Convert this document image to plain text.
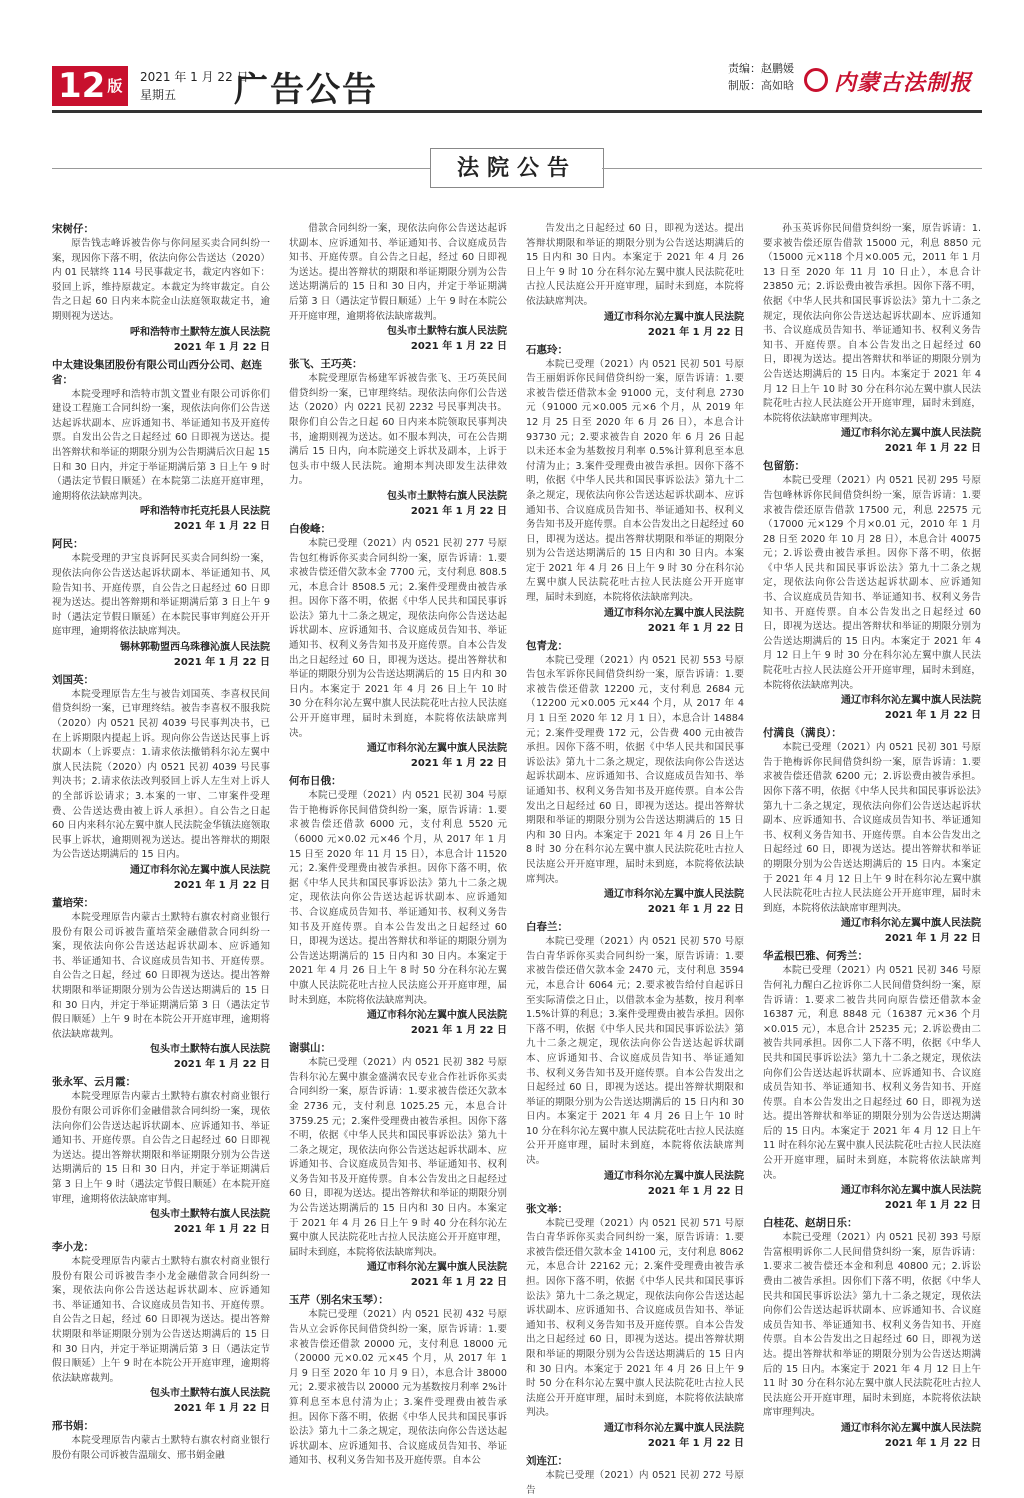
12 $^版$	2021 年 1 月 22 日
星期五	广告公告
责编：赵鹏媛
制版：高如晗	内蒙古法制报
法院公告
宋树仔：
原告钱志峰诉被告你与你问屋买卖合同纠纷一案，现因你下落不明，依法向你公告送达（2020）内 01 民辖终 114 号民事裁定书，裁定内容如下：驳回上诉，维持原裁定。本裁定为终审裁定。自公告之日起 60 日内来本院金山法庭领取裁定书，逾期则视为送达。
呼和浩特市土默特左旗人民法院
2021 年 1 月 22 日
中太建设集团股份有限公司山西分公司、赵连省：
本院受理呼和浩特市凯文置业有限公司诉你们建设工程施工合同纠纷一案，现依法向你们公告送达起诉状副本、应诉通知书、举证通知书及开庭传票。自发出公告之日起经过 60 日即视为送达。提出答辩状和举证的期限分别为公告期满后次日起 15 日和 30 日内，并定于举证期满后第 3 日上午 9 时（遇法定节假日顺延）在本院第二法庭开庭审理，逾期将依法缺席判决。
呼和浩特市托克托县人民法院
2021 年 1 月 22 日
阿民：
本院受理的尹宝良诉阿民买卖合同纠纷一案，现依法向你公告送达起诉状副本、举证通知书、风险告知书、开庭传票，自公告之日起经过 60 日即视为送达。提出答辩期和举证期满后第 3 日上午 9 时（遇法定节假日顺延）在本院民事审判庭公开开庭审理，逾期将依法缺席判决。
锡林郭勒盟西乌珠穆沁旗人民法院
2021 年 1 月 22 日
刘国英：
本院受理原告左生与被告刘国英、李喜权民间借贷纠纷一案，已审理终结。被告李喜权不服我院（2020）内 0521 民初 4039 号民事判决书，已在上诉期限内提起上诉。现向你公告送达民事上诉状副本（上诉要点：1.请求依法撤销科尔沁左翼中旗人民法院（2020）内 0521 民初 4039 号民事判决书；2.请求依法改判驳回上诉人左生对上诉人的全部诉讼请求；3.本案的一审、二审案件受理费、公告送达费由被上诉人承担）。自公告之日起 60 日内来科尔沁左翼中旗人民法院金华镇法庭领取民事上诉状，逾期则视为送达。提出答辩状的期限为公告送达期满后的 15 日内。
通辽市科尔沁左翼中旗人民法院
2021 年 1 月 22 日
董培荣：
本院受理原告内蒙古土默特右旗农村商业银行股份有限公司诉被告董培荣金融借款合同纠纷一案，现依法向你公告送达起诉状副本、应诉通知书、举证通知书、合议庭成员告知书、开庭传票。自公告之日起，经过 60 日即视为送达。提出答辩状期限和举证期限分别为公告送达期满后的 15 日和 30 日内，并定于举证期满后第 3 日（遇法定节假日顺延）上午 9 时在本院公开开庭审理，逾期将依法缺席裁判。
包头市土默特右旗人民法院
2021 年 1 月 22 日
张永军、云月霞：
本院受理原告内蒙古土默特右旗农村商业银行股份有限公司诉你们金融借款合同纠纷一案，现依法向你们公告送达起诉状副本、应诉通知书、举证通知书、开庭传票。自公告之日起经过 60 日即视为送达。提出答辩状期限和举证期限分别为公告送达期满后的 15 日和 30 日内，并定于举证期满后第 3 日上午 9 时（遇法定节假日顺延）在本院开庭审理，逾期将依法缺席审判。
包头市土默特右旗人民法院
2021 年 1 月 22 日
李小龙：
本院受理原告内蒙古土默特右旗农村商业银行股份有限公司诉被告李小龙金融借款合同纠纷一案，现依法向你公告送达起诉状副本、应诉通知书、举证通知书、合议庭成员告知书、开庭传票。自公告之日起，经过 60 日即视为送达。提出答辩状期限和举证期限分别为公告送达期满后的 15 日和 30 日内，并定于举证期满后第 3 日（遇法定节假日顺延）上午 9 时在本院公开开庭审理，逾期将依法缺席裁判。
包头市土默特右旗人民法院
2021 年 1 月 22 日
邢书娟：
本院受理原告内蒙古土默特右旗农村商业银行股份有限公司诉被告温瑞女、邢书娟金融
借款合同纠纷一案，现依法向你公告送达起诉状副本、应诉通知书、举证通知书、合议庭成员告知书、开庭传票。自公告之日起，经过 60 日即视为送达。提出答辩状的期限和举证期限分别为公告送达期满后的 15 日和 30 日内，并定于举证期满后第 3 日（遇法定节假日顺延）上午 9 时在本院公开开庭审理，逾期将依法缺席裁判。
包头市土默特右旗人民法院
2021 年 1 月 22 日
张飞、王巧英：
本院受理原告杨建军诉被告张飞、王巧英民间借贷纠纷一案，已审理终结。现依法向你们公告送达（2020）内 0221 民初 2232 号民事判决书。限你们自公告之日起 60 日内来本院领取民事判决书，逾期则视为送达。如不服本判决，可在公告期满后 15 日内，向本院递交上诉状及副本，上诉于包头市中级人民法院。逾期本判决即发生法律效力。
包头市土默特右旗人民法院
2021 年 1 月 22 日
白俊峰：
本院已受理（2021）内 0521 民初 277 号原告包红梅诉你买卖合同纠纷一案，原告诉请：1.要求被告偿还借欠款本金 7700 元，支付利息 808.5 元，本息合计 8508.5 元；2.案件受理费由被告承担。因你下落不明，依据《中华人民共和国民事诉讼法》第九十二条之规定，现依法向你公告送达起诉状副本、应诉通知书、合议庭成员告知书、举证通知书、权利义务告知书及开庭传票。自本公告发出之日起经过 60 日，即视为送达。提出答辩状和举证的期限分别为公告送达期满后的 15 日内和 30 日内。本案定于 2021 年 4 月 26 日上午 10 时 30 分在科尔沁左翼中旗人民法院花吐古拉人民法庭公开开庭审理，届时未到庭，本院将依法缺席判决。
通辽市科尔沁左翼中旗人民法院
2021 年 1 月 22 日
何布日俄：
本院已受理（2021）内 0521 民初 304 号原告于艳梅诉你民间借贷纠纷一案，原告诉请：1.要求被告偿还借款 6000 元，支付利息 5520 元（6000 元×0.02 元×46 个月，从 2017 年 1 月 15 日至 2020 年 11 月 15 日），本息合计 11520 元；2.案件受理费由被告承担。因你下落不明，依据《中华人民共和国民事诉讼法》第九十二条之规定，现依法向你公告送达起诉状副本、应诉通知书、合议庭成员告知书、举证通知书、权利义务告知书及开庭传票。自本公告发出之日起经过 60 日，即视为送达。提出答辩状和举证的期限分别为公告送达期满后的 15 日内和 30 日内。本案定于 2021 年 4 月 26 日上午 8 时 50 分在科尔沁左翼中旗人民法院花吐古拉人民法庭公开开庭审理，届时未到庭，本院将依法缺席判决。
通辽市科尔沁左翼中旗人民法院
2021 年 1 月 22 日
谢骐山：
本院已受理（2021）内 0521 民初 382 号原告科尔沁左翼中旗金盛满农民专业合作社诉你买卖合同纠纷一案，原告诉请：1.要求被告偿还欠款本金 2736 元，支付利息 1025.25 元，本息合计 3759.25 元；2.案件受理费由被告承担。因你下落不明，依据《中华人民共和国民事诉讼法》第九十二条之规定，现依法向你公告送达起诉状副本、应诉通知书、合议庭成员告知书、举证通知书、权利义务告知书及开庭传票。自本公告发出之日起经过 60 日，即视为送达。提出答辩状和举证的期限分别为公告送达期满后的 15 日内和 30 日内。本案定于 2021 年 4 月 26 日上午 9 时 40 分在科尔沁左翼中旗人民法院花吐古拉人民法庭公开开庭审理，届时未到庭，本院将依法缺席判决。
通辽市科尔沁左翼中旗人民法院
2021 年 1 月 22 日
玉芹（别名宋玉琴）：
本院已受理（2021）内 0521 民初 432 号原告从立会诉你民间借贷纠纷一案，原告诉请：1.要求被告偿还借款 20000 元，支付利息 18000 元（20000 元×0.02 元×45 个月，从 2017 年 1 月 9 日至 2020 年 10 月 9 日），本息合计 38000 元；2.要求被告以 20000 元为基数按月利率 2%计算利息至本息付清为止；3.案件受理费由被告承担。因你下落不明，依据《中华人民共和国民事诉讼法》第九十二条之规定，现依法向你公告送达起诉状副本、应诉通知书、合议庭成员告知书、举证通知书、权利义务告知书及开庭传票。自本公
告发出之日起经过 60 日，即视为送达。提出答辩状期限和举证的期限分别为公告送达期满后的 15 日内和 30 日内。本案定于 2021 年 4 月 26 日上午 9 时 10 分在科尔沁左翼中旗人民法院花吐古拉人民法庭公开开庭审理，届时未到庭，本院将依法缺席判决。
通辽市科尔沁左翼中旗人民法院
2021 年 1 月 22 日
石惠玲：
本院已受理（2021）内 0521 民初 501 号原告王丽娟诉你民间借贷纠纷一案，原告诉请：1.要求被告偿还借款本金 91000 元，支付利息 2730 元（91000 元×0.005 元×6 个月，从 2019 年 12 月 25 日至 2020 年 6 月 26 日），本息合计 93730 元；2.要求被告自 2020 年 6 月 26 日起以未还本金为基数按月利率 0.5%计算利息至本息付清为止；3.案件受理费由被告承担。因你下落不明，依据《中华人民共和国民事诉讼法》第九十二条之规定，现依法向你公告送达起诉状副本、应诉通知书、合议庭成员告知书、举证通知书、权利义务告知书及开庭传票。自本公告发出之日起经过 60 日，即视为送达。提出答辩状期限和举证的期限分别为公告送达期满后的 15 日内和 30 日内。本案定于 2021 年 4 月 26 日上午 9 时 30 分在科尔沁左翼中旗人民法院花吐古拉人民法庭公开开庭审理，届时未到庭，本院将依法缺席判决。
通辽市科尔沁左翼中旗人民法院
2021 年 1 月 22 日
包青龙：
本院已受理（2021）内 0521 民初 553 号原告包永军诉你民间借贷纠纷一案，原告诉请：1.要求被告偿还借款 12200 元，支付利息 2684 元（12200 元×0.005 元×44 个月，从 2017 年 4 月 1 日至 2020 年 12 月 1 日），本息合计 14884 元；2.案件受理费 172 元，公告费 400 元由被告承担。因你下落不明，依据《中华人民共和国民事诉讼法》第九十二条之规定，现依法向你公告送达起诉状副本、应诉通知书、合议庭成员告知书、举证通知书、权利义务告知书及开庭传票。自本公告发出之日起经过 60 日，即视为送达。提出答辩状期限和举证的期限分别为公告送达期满后的 15 日内和 30 日内。本案定于 2021 年 4 月 26 日上午 8 时 30 分在科尔沁左翼中旗人民法院花吐古拉人民法庭公开开庭审理，届时未到庭，本院将依法缺席判决。
通辽市科尔沁左翼中旗人民法院
2021 年 1 月 22 日
白春兰：
本院已受理（2021）内 0521 民初 570 号原告白青华诉你买卖合同纠纷一案，原告诉请：1.要求被告偿还借欠款本金 2470 元，支付利息 3594 元，本息合计 6064 元；2.要求被告给付自起诉日至实际清偿之日止，以借款本金为基数，按月利率 1.5%计算的利息；3.案件受理费由被告承担。因你下落不明，依据《中华人民共和国民事诉讼法》第九十二条之规定，现依法向你公告送达起诉状副本、应诉通知书、合议庭成员告知书、举证通知书、权利义务告知书及开庭传票。自本公告发出之日起经过 60 日，即视为送达。提出答辩状期限和举证的期限分别为公告送达期满后的 15 日内和 30 日内。本案定于 2021 年 4 月 26 日上午 10 时 10 分在科尔沁左翼中旗人民法院花吐古拉人民法庭公开开庭审理，届时未到庭，本院将依法缺席判决。
通辽市科尔沁左翼中旗人民法院
2021 年 1 月 22 日
张文举：
本院已受理（2021）内 0521 民初 571 号原告白青华诉你买卖合同纠纷一案，原告诉请：1.要求被告偿还借欠款本金 14100 元，支付利息 8062 元，本息合计 22162 元；2.案件受理费由被告承担。因你下落不明，依据《中华人民共和国民事诉讼法》第九十二条之规定，现依法向你公告送达起诉状副本、应诉通知书、合议庭成员告知书、举证通知书、权利义务告知书及开庭传票。自本公告发出之日起经过 60 日，即视为送达。提出答辩状期限和举证的期限分别为公告送达期满后的 15 日内和 30 日内。本案定于 2021 年 4 月 26 日上午 9 时 50 分在科尔沁左翼中旗人民法院花吐古拉人民法庭公开开庭审理，届时未到庭，本院将依法缺席判决。
通辽市科尔沁左翼中旗人民法院
2021 年 1 月 22 日
刘连江：
本院已受理（2021）内 0521 民初 272 号原告
孙玉英诉你民间借贷纠纷一案，原告诉请：1.要求被告偿还原告借款 15000 元，利息 8850 元（15000 元×118 个月×0.005 元，2011 年 1 月 13 日至 2020 年 11 月 10 日止），本息合计 23850 元；2.诉讼费由被告承担。因你下落不明，依据《中华人民共和国民事诉讼法》第九十二条之规定，现依法向你公告送达起诉状副本、应诉通知书、合议庭成员告知书、举证通知书、权利义务告知书、开庭传票。自本公告发出之日起经过 60 日，即视为送达。提出答辩状和举证的期限分别为公告送达期满后的 15 日内。本案定于 2021 年 4 月 12 日上午 10 时 30 分在科尔沁左翼中旗人民法院花吐古拉人民法庭公开开庭审理，届时未到庭，本院将依法缺席审理判决。
通辽市科尔沁左翼中旗人民法院
2021 年 1 月 22 日
包留筋：
本院已受理（2021）内 0521 民初 295 号原告包峰林诉你民间借贷纠纷一案，原告诉请：1.要求被告偿还原告借款 17500 元，利息 22575 元（17000 元×129 个月×0.01 元，2010 年 1 月 28 日至 2020 年 10 月 28 日），本息合计 40075 元；2.诉讼费由被告承担。因你下落不明，依据《中华人民共和国民事诉讼法》第九十二条之规定，现依法向你公告送达起诉状副本、应诉通知书、合议庭成员告知书、举证通知书、权利义务告知书、开庭传票。自本公告发出之日起经过 60 日，即视为送达。提出答辩状和举证的期限分别为公告送达期满后的 15 日内。本案定于 2021 年 4 月 12 日上午 9 时 30 分在科尔沁左翼中旗人民法院花吐古拉人民法庭公开开庭审理，届时未到庭，本院将依法缺席判决。
通辽市科尔沁左翼中旗人民法院
2021 年 1 月 22 日
付满良（满良）：
本院已受理（2021）内 0521 民初 301 号原告于艳梅诉你民间借贷纠纷一案，原告诉请：1.要求被告偿还借款 6200 元；2.诉讼费由被告承担。因你下落不明，依据《中华人民共和国民事诉讼法》第九十二条之规定，现依法向你们公告送达起诉状副本、应诉通知书、合议庭成员告知书、举证通知书、权利义务告知书、开庭传票。自本公告发出之日起经过 60 日，即视为送达。提出答辩状和举证的期限分别为公告送达期满后的 15 日内。本案定于 2021 年 4 月 12 日上午 9 时在科尔沁左翼中旗人民法院花吐古拉人民法庭公开开庭审理，届时未到庭，本院将依法缺席审理判决。
通辽市科尔沁左翼中旗人民法院
2021 年 1 月 22 日
华孟根巴雅、何秀兰：
本院已受理（2021）内 0521 民初 346 号原告何礼力醒白乙拉诉你二人民间借贷纠纷一案，原告诉请：1.要求二被告共同向原告偿还借款本金 16387 元，利息 8848 元（16387 元×36 个月×0.015 元），本息合计 25235 元；2.诉讼费由二被告共同承担。因你二人下落不明，依据《中华人民共和国民事诉讼法》第九十二条之规定，现依法向你们公告送达起诉状副本、应诉通知书、合议庭成员告知书、举证通知书、权利义务告知书、开庭传票。自本公告发出之日起经过 60 日，即视为送达。提出答辩状和举证的期限分别为公告送达期满后的 15 日内。本案定于 2021 年 4 月 12 日上午 11 时在科尔沁左翼中旗人民法院花吐古拉人民法庭公开开庭审理，届时未到庭，本院将依法缺席判决。
通辽市科尔沁左翼中旗人民法院
2021 年 1 月 22 日
白桂花、赵胡日乐：
本院已受理（2021）内 0521 民初 393 号原告富根明诉你二人民间借贷纠纷一案，原告诉请：1.要求二被告偿还本金和利息 40800 元；2.诉讼费由二被告承担。因你们下落不明，依据《中华人民共和国民事诉讼法》第九十二条之规定，现依法向你们公告送达起诉状副本、应诉通知书、合议庭成员告知书、举证通知书、权利义务告知书、开庭传票。自本公告发出之日起经过 60 日，即视为送达。提出答辩状和举证的期限分别为公告送达期满后的 15 日内。本案定于 2021 年 4 月 12 日上午 11 时 30 分在科尔沁左翼中旗人民法院花吐古拉人民法庭公开开庭审理，届时未到庭，本院将依法缺席审理判决。
通辽市科尔沁左翼中旗人民法院
2021 年 1 月 22 日
